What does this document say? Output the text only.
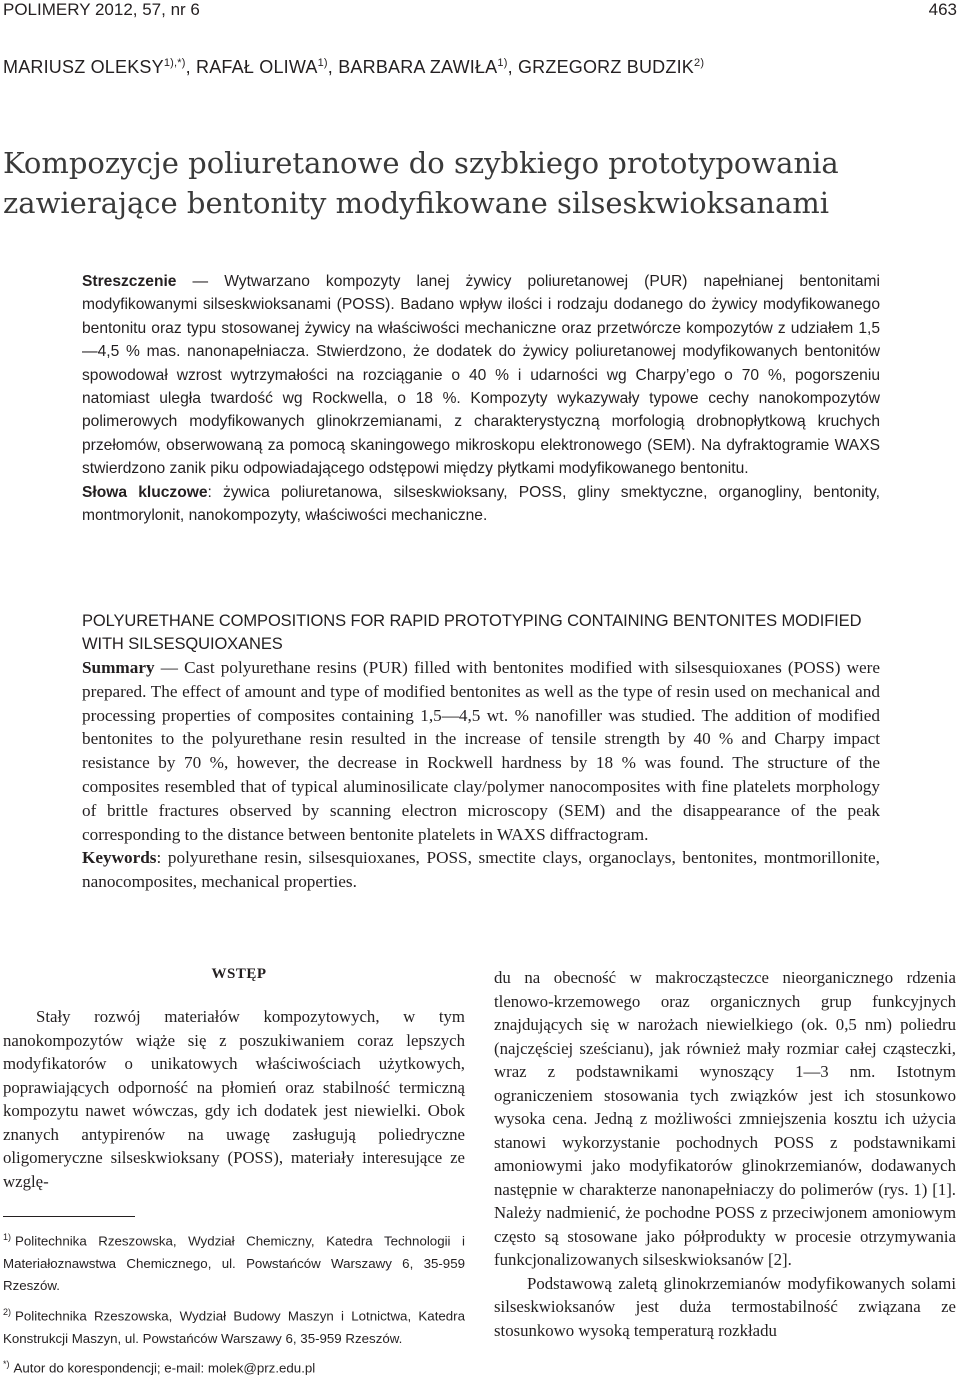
POLIMERY 2012, 57, nr 6	463
MARIUSZ $OLEKSY^{1),*)}$, RAFAŁ OLIWA$^{1)}$, BARBARA ZAWIŁA$^{1)}$, GRZEGORZ BUDZIK$^{2)}$
Kompozycje poliuretanowe do szybkiego prototypowania
zawierające bentonity modyfikowane silseskwioksanami
Streszczenie — Wytwarzano kompozyty lanej żywicy poliuretanowej (PUR) napełnianej bentonitami modyfikowanymi silseskwioksanami (POSS). Badano wpływ ilości i rodzaju dodanego do żywicy modyfikowanego bentonitu oraz typu stosowanej żywicy na właściwości mechaniczne oraz przetwórcze kompozytów z udziałem 1,5—4,5 % mas. nanonapełniacza. Stwierdzono, że dodatek do żywicy poliuretanowej modyfikowanych bentonitów spowodował wzrost wytrzymałości na rozciąganie o 40 % i udarności wg Charpy’ego o 70 %, pogorszeniu natomiast uległa twardość wg Rockwella, o 18 %. Kompozyty wykazywały typowe cechy nanokompozytów polimerowych modyfikowanych glinokrzemianami, z charakterystyczną morfologią drobnopłytkową kruchych przełomów, obserwowaną za pomocą skaningowego mikroskopu elektronowego (SEM). Na dyfraktogramie WAXS stwierdzono zanik piku odpowiadającego odstępowi między płytkami modyfikowanego bentonitu.
Słowa kluczowe: żywica poliuretanowa, silseskwioksany, POSS, gliny smektyczne, organogliny, bentonity, montmorylonit, nanokompozyty, właściwości mechaniczne.
POLYURETHANE COMPOSITIONS FOR RAPID PROTOTYPING CONTAINING BENTONITES MODIFIED WITH SILSESQUIOXANES
Summary — Cast polyurethane resins (PUR) filled with bentonites modified with silsesquioxanes (POSS) were prepared. The effect of amount and type of modified bentonites as well as the type of resin used on mechanical and processing properties of composites containing 1,5—4,5 wt. % nanofiller was studied. The addition of modified bentonites to the polyurethane resin resulted in the increase of tensile strength by 40 % and Charpy impact resistance by 70 %, however, the decrease in Rockwell hardness by 18 % was found. The structure of the composites resembled that of typical aluminosilicate clay/polymer nanocomposites with fine platelets morphology of brittle fractures observed by scanning electron microscopy (SEM) and the disappearance of the peak corresponding to the distance between bentonite platelets in WAXS diffractogram.
Keywords: polyurethane resin, silsesquioxanes, POSS, smectite clays, organoclays, bentonites, montmorillonite, nanocomposites, mechanical properties.
WSTĘP

Stały rozwój materiałów kompozytowych, w tym nanokompozytów wiąże się z poszukiwaniem coraz lepszych modyfikatorów o unikatowych właściwościach użytkowych, poprawiających odporność na płomień oraz stabilność termiczną kompozytu nawet wówczas, gdy ich dodatek jest niewielki. Obok znanych antypirenów na uwagę zasługują poliedryczne oligomeryczne silseskwioksany (POSS), materiały interesujące ze wzglę-

$^{1)}$ Politechnika Rzeszowska, Wydział Chemiczny, Katedra Technologii i Materiałoznawstwa Chemicznego, ul. Powstańców Warszawy 6, 35-959 Rzeszów.
$^{2)}$ Politechnika Rzeszowska, Wydział Budowy Maszyn i Lotnictwa, Katedra Konstrukcji Maszyn, ul. Powstańców Warszawy 6, 35-959 Rzeszów.
*) Autor do korespondencji; e-mail: molek@prz.edu.pl

du na obecność w makrocząsteczce nieorganicznego rdzenia tlenowo-krzemowego oraz organicznych grup funkcyjnych znajdujących się w narożach niewielkiego (ok. 0,5 nm) poliedru (najczęściej sześcianu), jak również mały rozmiar całej cząsteczki, wraz z podstawnikami wynoszący 1—3 nm. Istotnym ograniczeniem stosowania tych związków jest ich stosunkowo wysoka cena. Jedną z możliwości zmniejszenia kosztu ich użycia stanowi wykorzystanie pochodnych POSS z podstawnikami amoniowymi jako modyfikatorów glinokrzemianów, dodawanych następnie w charakterze nanonapełniaczy do polimerów (rys. 1) [1]. Należy nadmienić, że pochodne POSS z przeciwjonem amoniowym często są stosowane jako półprodukty w procesie otrzymywania funkcjonalizowanych silseskwioksanów [2].

Podstawową zaletą glinokrzemianów modyfikowanych solami silseskwioksanów jest duża termostabilność związana ze stosunkowo wysoką temperaturą rozkładu
